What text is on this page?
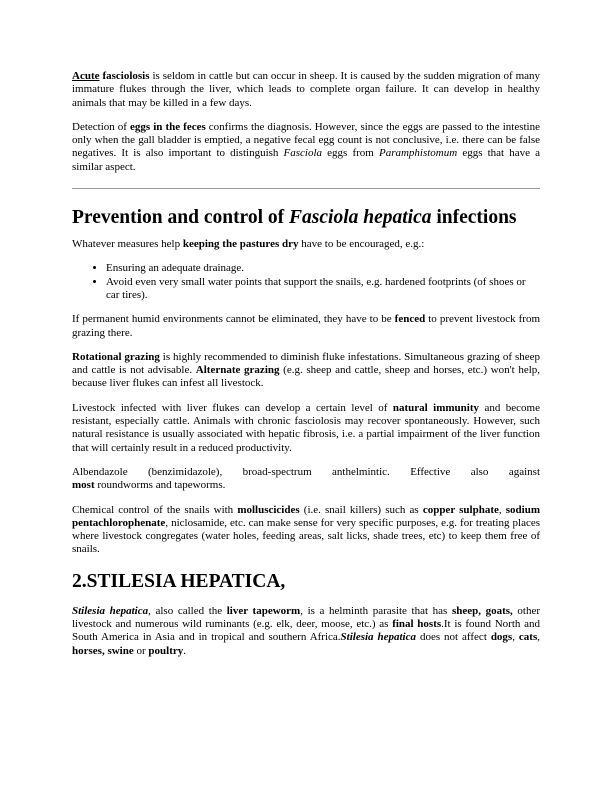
Acute fasciolosis is seldom in cattle but can occur in sheep. It is caused by the sudden migration of many immature flukes through the liver, which leads to complete organ failure. It can develop in healthy animals that may be killed in a few days.

Detection of eggs in the feces confirms the diagnosis. However, since the eggs are passed to the intestine only when the gall bladder is emptied, a negative fecal egg count is not conclusive, i.e. there can be false negatives. It is also important to distinguish Fasciola eggs from Paramphistomum eggs that have a similar aspect.

Prevention and control of Fasciola hepatica infections

Whatever measures help keeping the pastures dry have to be encouraged, e.g.:

• Ensuring an adequate drainage.
• Avoid even very small water points that support the snails, e.g. hardened footprints (of shoes or car tires).

If permanent humid environments cannot be eliminated, they have to be fenced to prevent livestock from grazing there.

Rotational grazing is highly recommended to diminish fluke infestations. Simultaneous grazing of sheep and cattle is not advisable. Alternate grazing (e.g. sheep and cattle, sheep and horses, etc.) won't help, because liver flukes can infest all livestock.

Livestock infected with liver flukes can develop a certain level of natural immunity and become resistant, especially cattle. Animals with chronic fasciolosis may recover spontaneously. However, such natural resistance is usually associated with hepatic fibrosis, i.e. a partial impairment of the liver function that will certainly result in a reduced productivity.

Albendazole (benzimidazole), broad-spectrum anthelmintic. Effective also against
most roundworms and tapeworms.

Chemical control of the snails with molluscicides (i.e. snail killers) such as copper sulphate, sodium pentachlorophenate, niclosamide, etc. can make sense for very specific purposes, e.g. for treating places where livestock congregates (water holes, feeding areas, salt licks, shade trees, etc) to keep them free of snails.

2.STILESIA HEPATICA,

Stilesia hepatica, also called the liver tapeworm, is a helminth parasite that has sheep, goats, other livestock and numerous wild ruminants (e.g. elk, deer, moose, etc.) as final hosts.It is found North and South America in Asia and in tropical and southern Africa.Stilesia hepatica does not affect dogs, cats, horses, swine or poultry.
